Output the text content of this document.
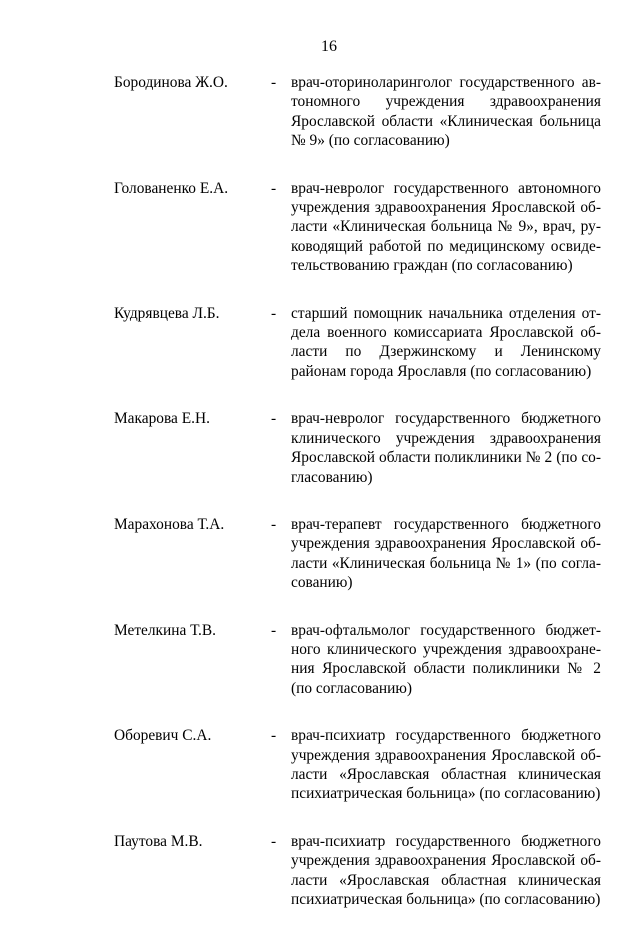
16
Бородинова Ж.О.	- врач-оториноларинголог государственного автономного учреждения здравоохранения Ярославской области «Клиническая больница № 9» (по согласованию)
Голованенко Е.А.	- врач-невролог государственного автономного учреждения здравоохранения Ярославской области «Клиническая больница № 9», врач, руководящий работой по медицинскому освидетельствованию граждан (по согласованию)
Кудрявцева Л.Б.	- старший помощник начальника отделения отдела военного комиссариата Ярославской области по Дзержинскому и Ленинскому районам города Ярославля (по согласованию)
Макарова Е.Н.	- врач-невролог государственного бюджетного клинического учреждения здравоохранения Ярославской области поликлиники № 2 (по согласованию)
Марахонова Т.А.	- врач-терапевт государственного бюджетного учреждения здравоохранения Ярославской области «Клиническая больница № 1» (по согласованию)
Метелкина Т.В.	- врач-офтальмолог государственного бюджетного клинического учреждения здравоохранения Ярославской области поликлиники № 2 (по согласованию)
Оборевич С.А.	- врач-психиатр государственного бюджетного учреждения здравоохранения Ярославской области «Ярославская областная клиническая психиатрическая больница» (по согласованию)
Паутова М.В.	- врач-психиатр государственного бюджетного учреждения здравоохранения Ярославской области «Ярославская областная клиническая психиатрическая больница» (по согласованию)
